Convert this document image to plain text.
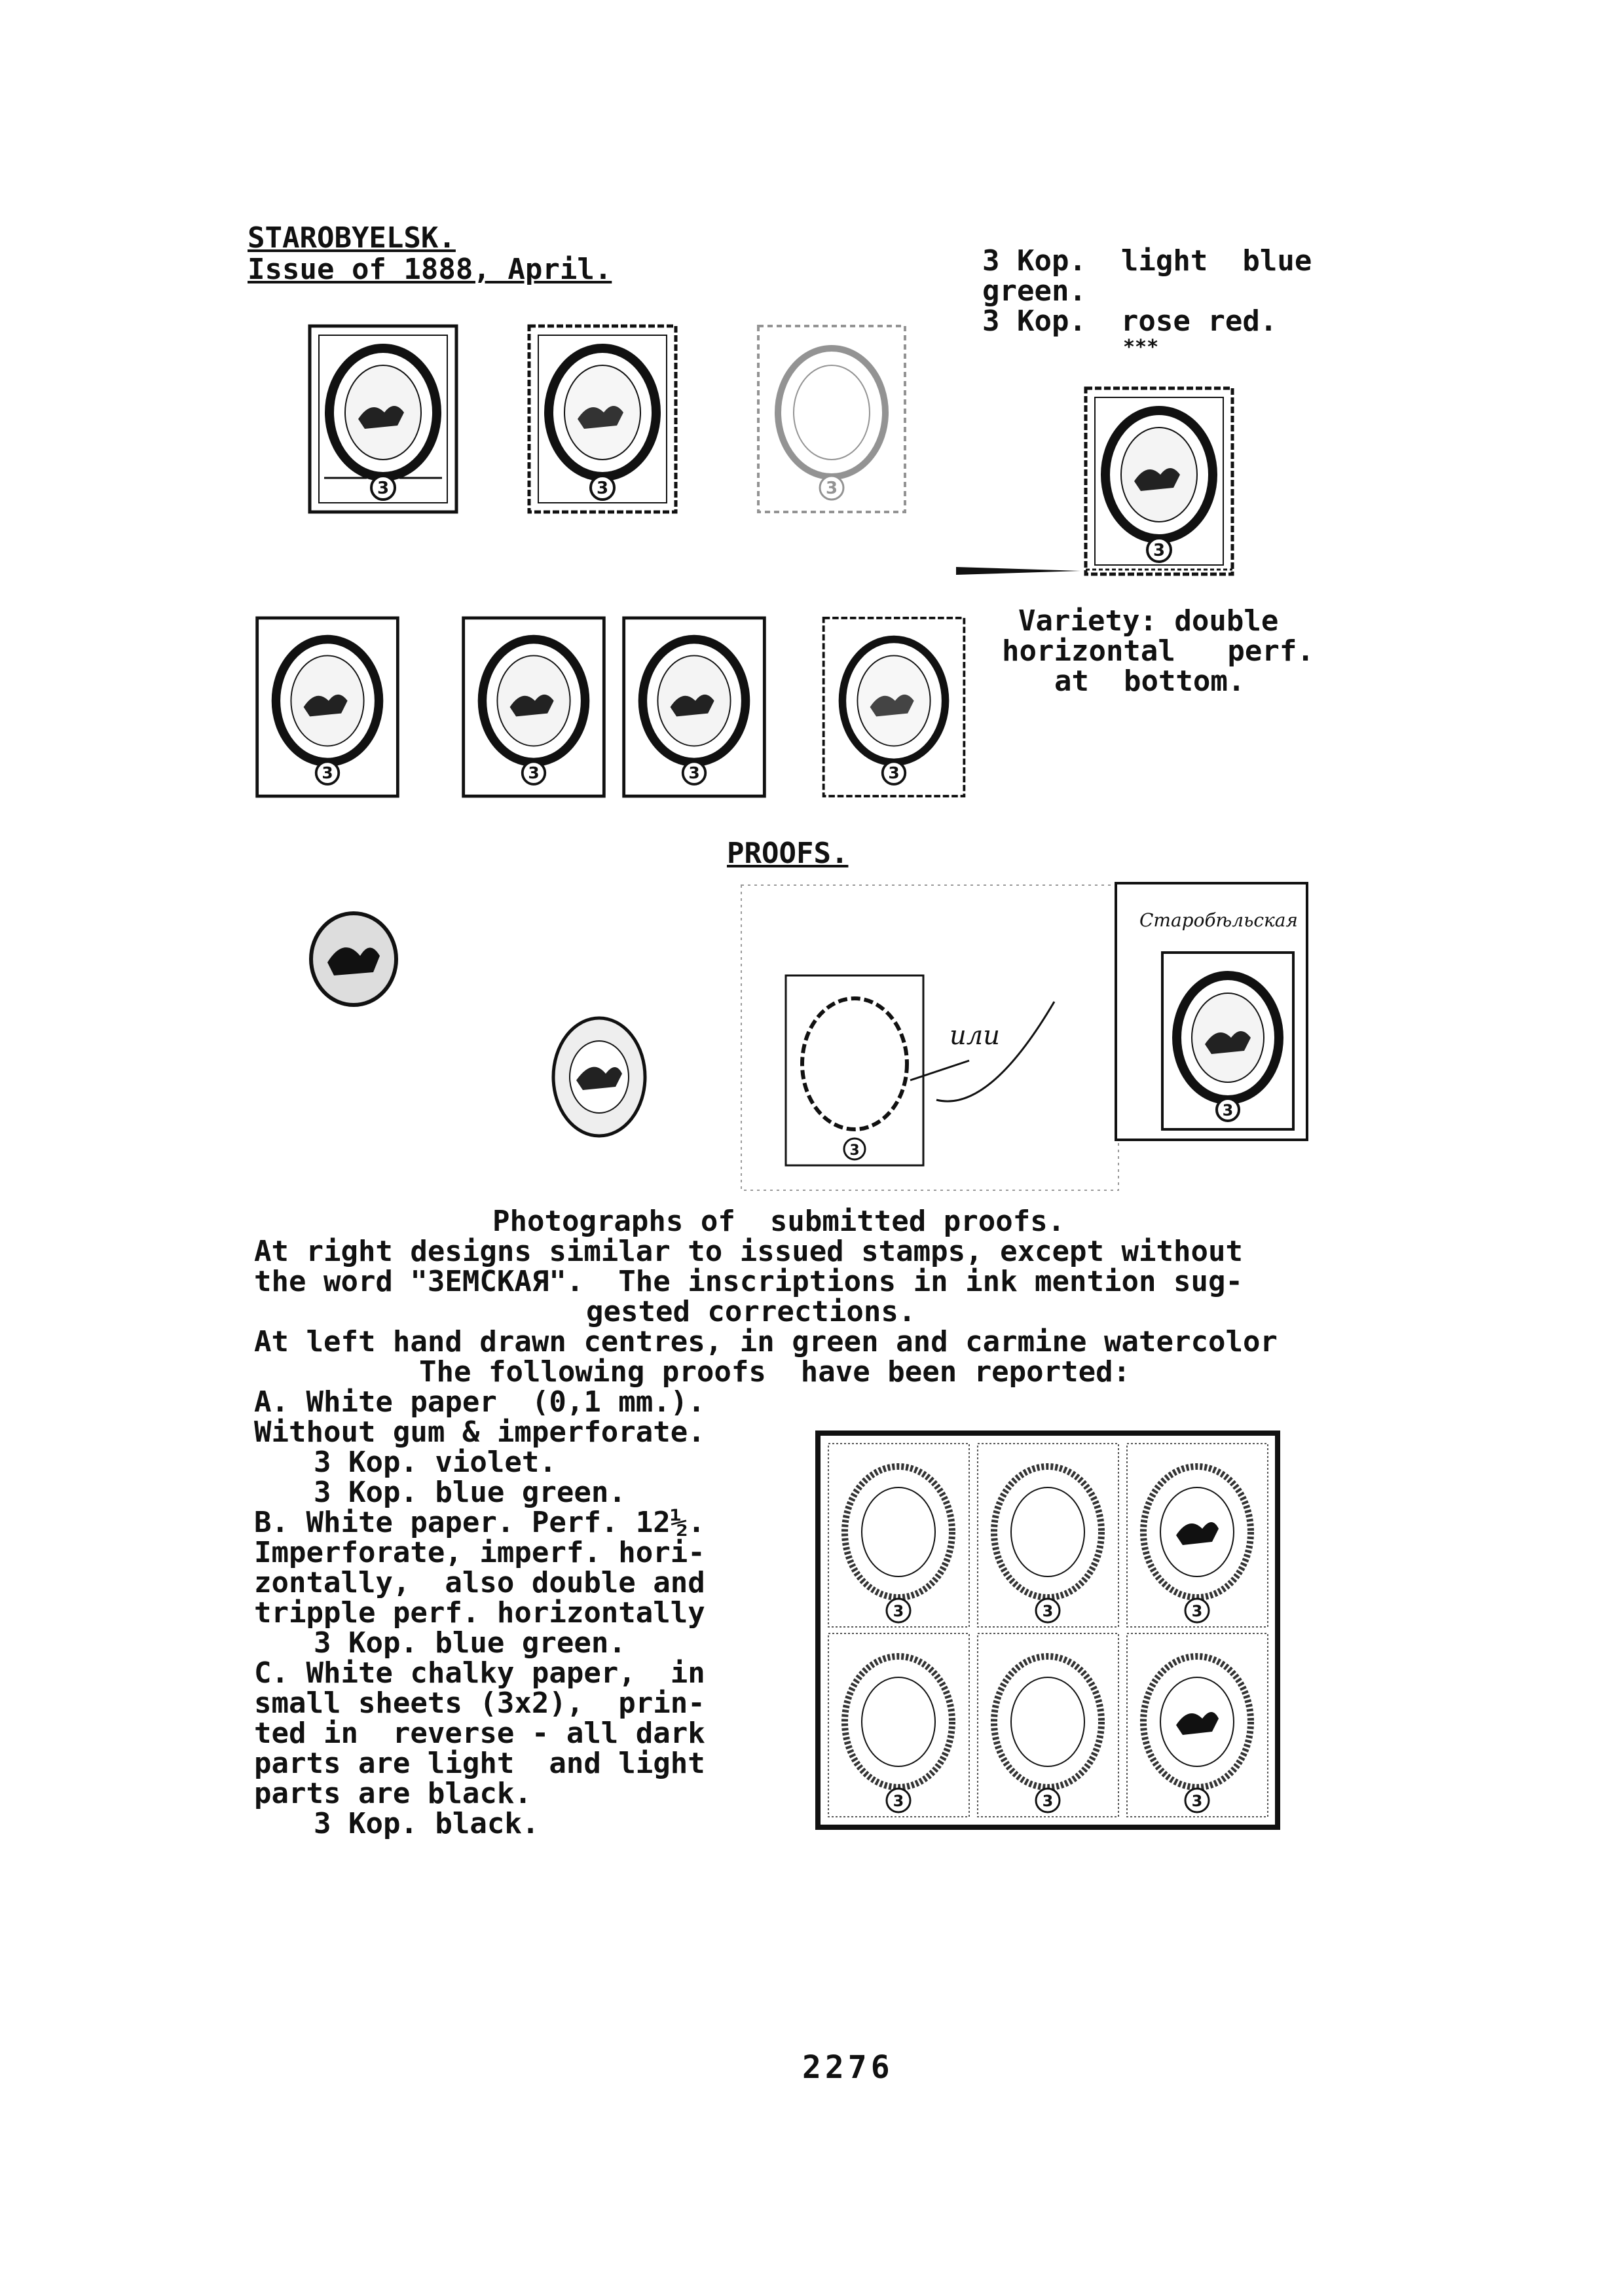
STAROBYELSK.
Issue of 1888, April.	3 Kop.  light  blue
green.
3 Kop.  rose red.
***
Variety: double
horizontal   perf.
at  bottom.
3	3	3
3
3	3	3	3
PROOFS.
3
или
3
Старобѣльская
Photographs of  submitted proofs.
At right designs similar to issued stamps, except without
the word "ЗЕМСКАЯ".  The inscriptions in ink mention sug-
gested corrections.
At left hand drawn centres, in green and carmine watercolor
The following proofs  have been reported:
A. White paper  (0,1 mm.).
Without gum & imperforate.
3 Kop. violet.
3 Kop. blue green.
B. White paper. Perf. 12½.
Imperforate, imperf. hori-
zontally,  also double and
tripple perf. horizontally
3 Kop. blue green.
C. White chalky paper,  in
small sheets (3x2),  prin-
ted in  reverse - all dark
parts are light  and light
parts are black.
3 Kop. black.
3	3	3
3	3	3
2276
